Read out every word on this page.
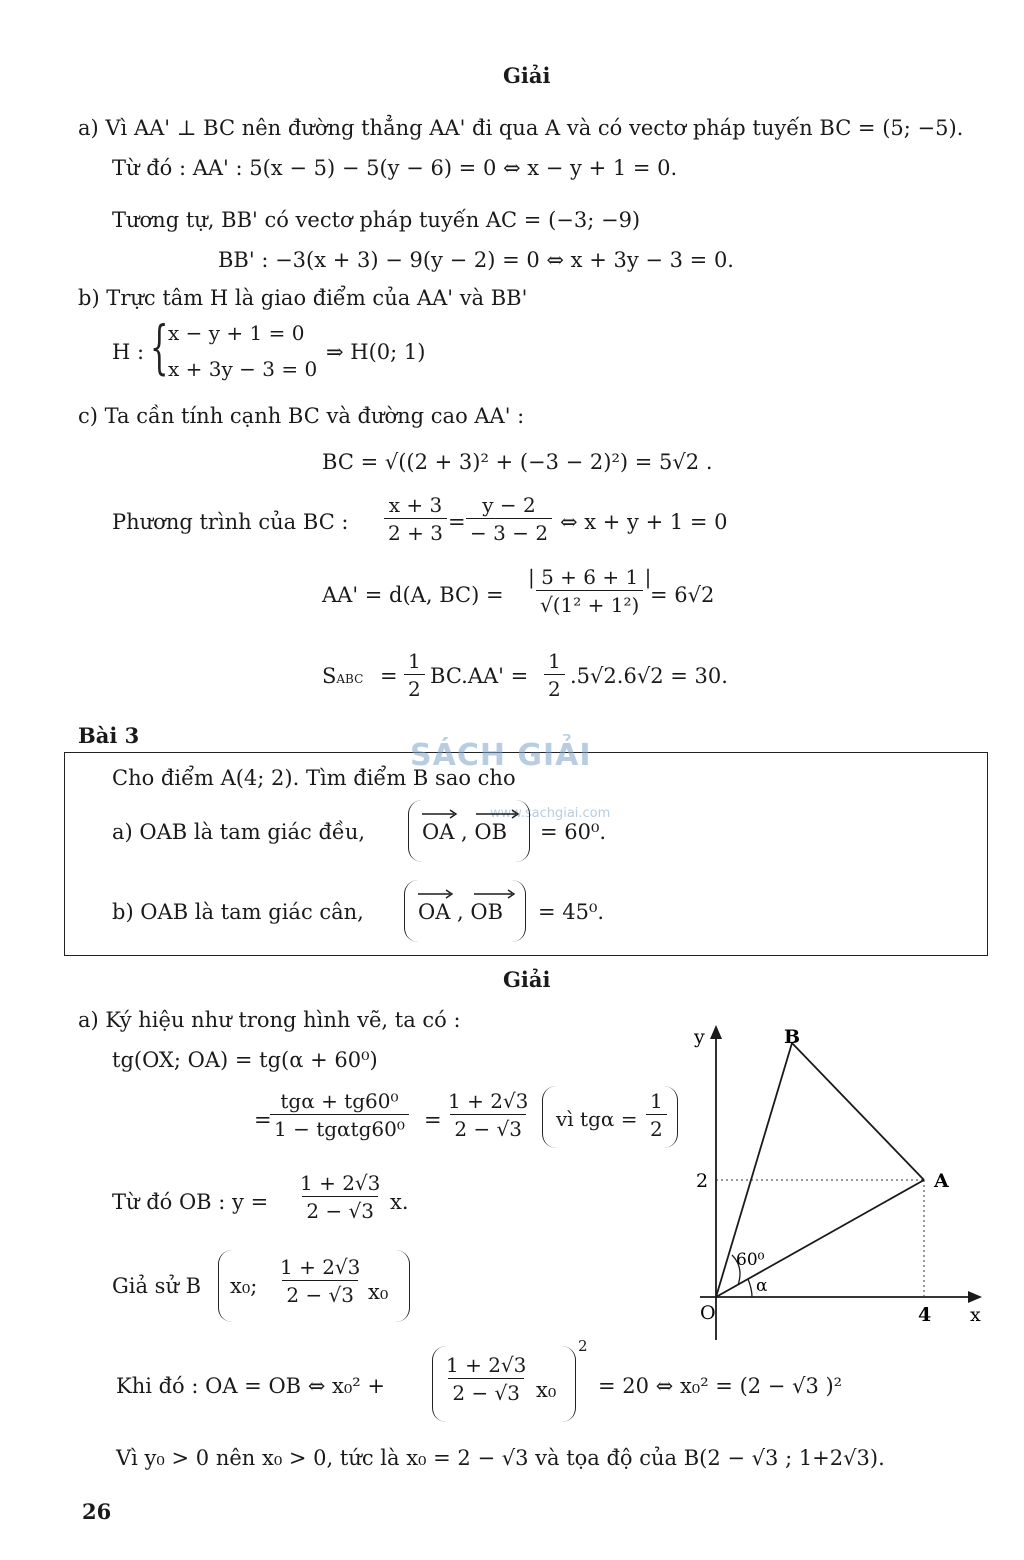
Giải
a) Vì AA' ⊥ BC nên đường thẳng AA' đi qua A và có vectơ pháp tuyến BC = (5; −5).
Từ đó : AA' : 5(x − 5) − 5(y − 6) = 0 ⇔ x − y + 1 = 0.
Tương tự, BB' có vectơ pháp tuyến AC = (−3; −9)
BB' : −3(x + 3) − 9(y − 2) = 0 ⇔ x + 3y − 3 = 0.
b) Trực tâm H là giao điểm của AA' và BB'
H : { x − y + 1 = 0
x + 3y − 3 = 0
⇒ H(0; 1)
c) Ta cần tính cạnh BC và đường cao AA' :
BC = √((2 + 3)² + (−3 − 2)²) = 5√2 .
Phương trình của BC : $\frac{x + 3}{2 + 3} = \frac{y - 2}{- 3 - 2}$ ⇔ x + y + 1 = 0
AA' = d(A, $BC) = \frac{| 5 + 6 + 1 |}{\text{√(1² + 1²)}}$
= 6√2
SABC = $\frac{1}{2} BC.AA' = \frac{1}{2} .5√2.6√2 = 30$.
Bài 3
SÁCH GIẢI
www.sachgiai.com
Cho điểm A(4; 2). Tìm điểm B sao cho
a) OAB là tam giác đều,	OA , OB = 60⁰.
b) OAB là tam giác cân,	OA , OB = 45⁰.
Giải
a) Ký hiệu như trong hình vẽ, ta có :
tg(OX; OA) = tg(α + 60⁰)
=
tgα + tg60⁰
$1 - tg\alpha tg60^0 = \frac{1 + 2√3}{2 - √3}$ vì $tg\alpha = \frac{1}{2}$
Từ đó OB : $y = \frac{1 + 2√3}{2 - √3} x$.
Giả sử B x₀; $\frac{1 + 2√3}{2 - √3} x_0$
Khi đó : OA = OB ⇔ x₀² +	$\frac{1 + 2√3}{2 - √3} x_0$
2
= 20 ⇔ x₀² = (2 − √3 )²
Vì y₀ > 0 nên x₀ > 0, tức là x₀ = 2 − √3 và tọa độ của B(2 − √3 ; 1+2√3).
y	B
A
2
60⁰
α
O	4 x
26
